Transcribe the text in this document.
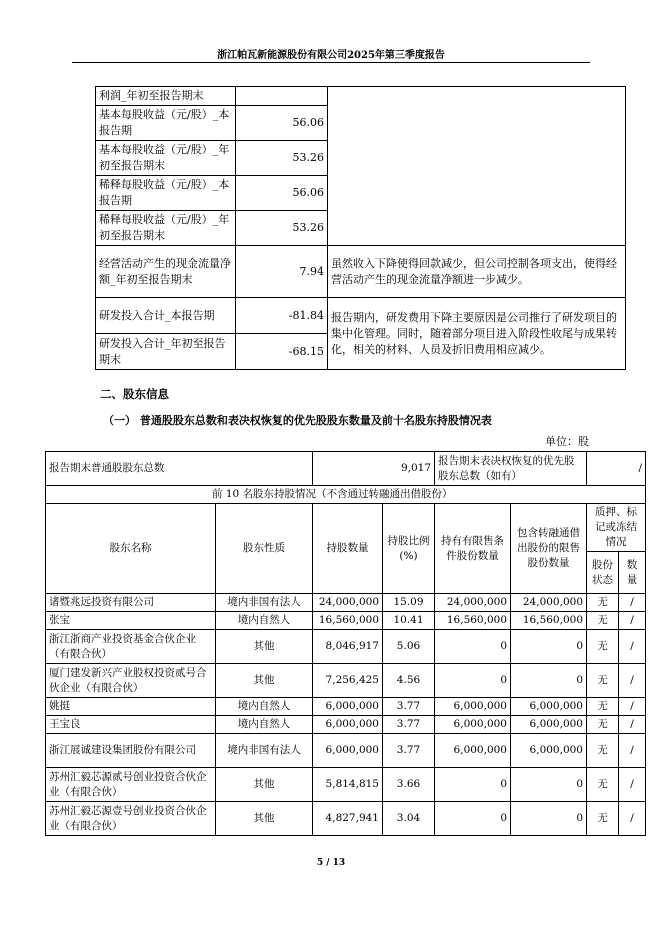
浙江帕瓦新能源股份有限公司2025年第三季度报告
利润_年初至报告期末		
基本每股收益（元/股）_本报告期	56.06	
基本每股收益（元/股）_年初至报告期末	53.26	
稀释每股收益（元/股）_本报告期	56.06	
稀释每股收益（元/股）_年初至报告期末	53.26	
经营活动产生的现金流量净额_年初至报告期末	7.94	虽然收入下降使得回款减少，但公司控制各项支出，使得经营活动产生的现金流量净额进一步减少。
研发投入合计_本报告期	-81.84	报告期内，研发费用下降主要原因是公司推行了研发项目的集中化管理。同时，随着部分项目进入阶段性收尾与成果转化，相关的材料、人员及折旧费用相应减少。
研发投入合计_年初至报告期末	-68.15	
二、股东信息
（一） 普通股股东总数和表决权恢复的优先股股东数量及前十名股东持股情况表
单位：股
报告期末普通股股东总数		9,017		报告期末表决权恢复的优先股股东总数（如有）		/	
前 10 名股东持股情况（不含通过转融通出借股份）							
股东名称	股东性质	持股数量	持股比例(%)	持有有限售条件股份数量	包含转融通借出股份的限售股份数量	质押、标记或冻结情况	
						股份状态	数量
诸暨兆远投资有限公司	境内非国有法人	24,000,000	15.09	24,000,000	24,000,000	无	/
张宝	境内自然人	16,560,000	10.41	16,560,000	16,560,000	无	/
浙江浙商产业投资基金合伙企业（有限合伙）	其他	8,046,917	5.06	0	0	无	/
厦门建发新兴产业股权投资贰号合伙企业（有限合伙）	其他	7,256,425	4.56	0	0	无	/
姚挺	境内自然人	6,000,000	3.77	6,000,000	6,000,000	无	/
王宝良	境内自然人	6,000,000	3.77	6,000,000	6,000,000	无	/
浙江展诚建设集团股份有限公司	境内非国有法人	6,000,000	3.77	6,000,000	6,000,000	无	/
苏州汇毅芯源贰号创业投资合伙企业（有限合伙）	其他	5,814,815	3.66	0	0	无	/
苏州汇毅芯源壹号创业投资合伙企业（有限合伙）	其他	4,827,941	3.04	0	0	无	/
5 / 13
